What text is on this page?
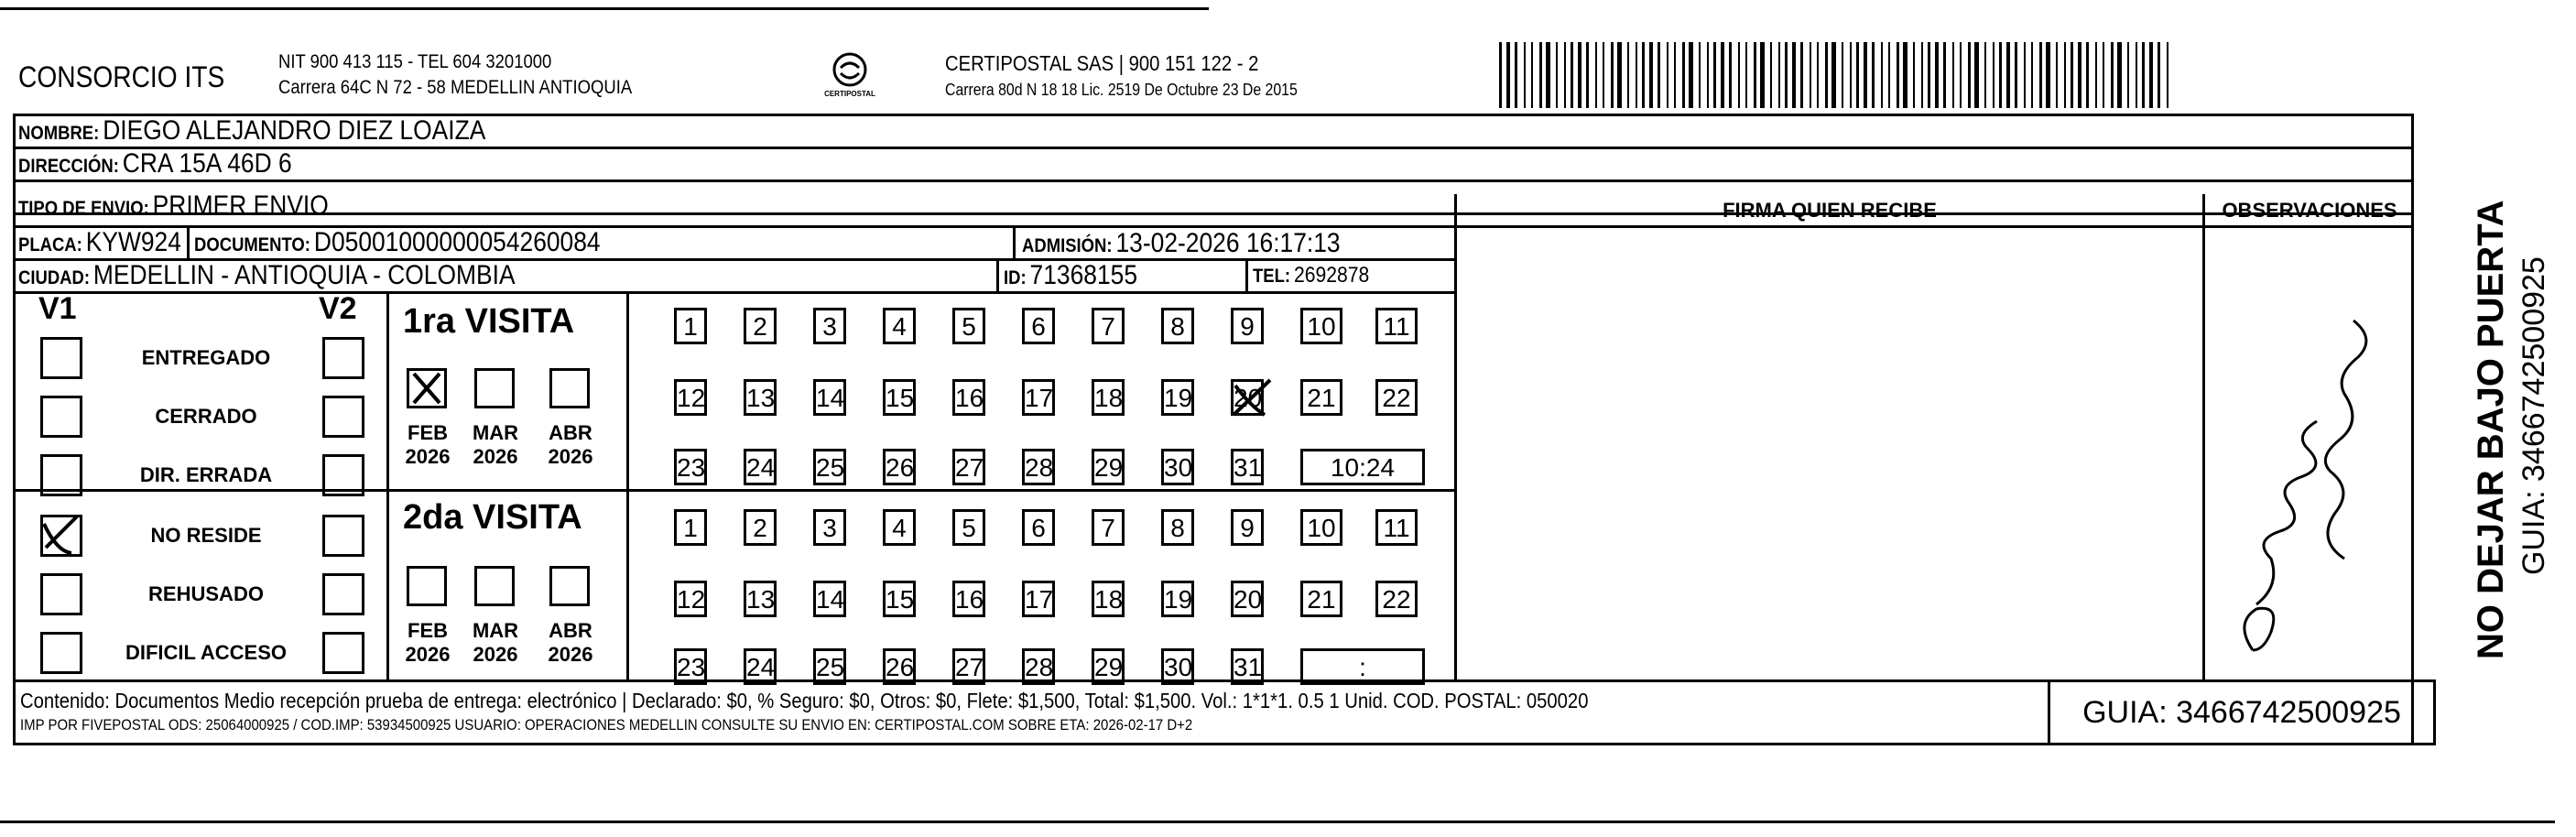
CONSORCIO ITS	NIT 900 413 115 - TEL 604 3201000
Carrera 64C N 72 - 58 MEDELLIN ANTIOQUIA	CERTIPOSTAL
CERTIPOSTAL SAS | 900 151 122 - 2
Carrera 80d N 18 18 Lic. 2519 De Octubre 23 De 2015
NOMBRE: DIEGO ALEJANDRO DIEZ LOAIZA
DIRECCIÓN: CRA 15A 46D 6
TIPO DE ENVIO: PRIMER ENVIO
PLACA: KYW924 DOCUMENTO: D05001000000054260084	ADMISIÓN: 13-02-2026 16:17:13
CIUDAD: MEDELLIN - ANTIOQUIA - COLOMBIA	ID: 71368155	TEL: 2692878
FIRMA QUIEN RECIBE	OBSERVACIONES
V1	V2
ENTREGADO
CERRADO
DIR. ERRADA
NO RESIDE
REHUSADO
DIFICIL ACCESO
1ra VISITA
2da VISITA
FEB
2026
MAR
2026
ABR
2026
FEB
2026
MAR
2026
ABR
2026
1	2	3	4	5	6	7	8	9	10	11
12 13 14 15 16 17 18 19 20 21 22
23 24 25 26 27 28 29 30 31	10:24
1	2	3	4	5	6	7	8	9	10	11
12 13 14 15 16 17 18 19 20 21 22
23 24 25 26 27 28 29 30 31	:
NO DEJAR BAJO PUERTA GUIA: 3466742500925
Contenido: Documentos Medio recepción prueba de entrega: electrónico | Declarado: $0, % Seguro: $0, Otros: $0, Flete: $1,500, Total: $1,500. Vol.: 1*1*1. 0.5 1 Unid. COD. POSTAL: 050020
IMP POR FIVEPOSTAL ODS: 25064000925 / COD.IMP: 53934500925 USUARIO: OPERACIONES MEDELLIN CONSULTE SU ENVIO EN: CERTIPOSTAL.COM SOBRE ETA: 2026-02-17 D+2	GUIA: 3466742500925
